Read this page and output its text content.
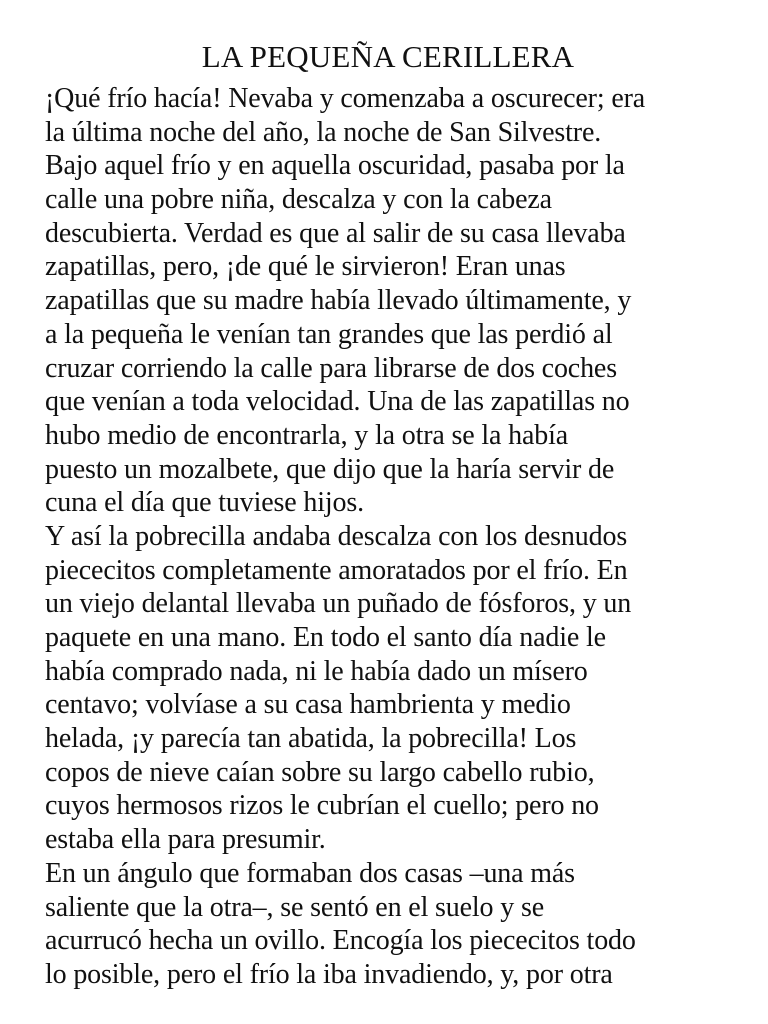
LA PEQUEÑA CERILLERA
¡Qué frío hacía! Nevaba y comenzaba a oscurecer; era
la última noche del año, la noche de San Silvestre.
Bajo aquel frío y en aquella oscuridad, pasaba por la
calle una pobre niña, descalza y con la cabeza
descubierta. Verdad es que al salir de su casa llevaba
zapatillas, pero, ¡de qué le sirvieron! Eran unas
zapatillas que su madre había llevado últimamente, y
a la pequeña le venían tan grandes que las perdió al
cruzar corriendo la calle para librarse de dos coches
que venían a toda velocidad. Una de las zapatillas no
hubo medio de encontrarla, y la otra se la había
puesto un mozalbete, que dijo que la haría servir de
cuna el día que tuviese hijos.
Y así la pobrecilla andaba descalza con los desnudos
piececitos completamente amoratados por el frío. En
un viejo delantal llevaba un puñado de fósforos, y un
paquete en una mano. En todo el santo día nadie le
había comprado nada, ni le había dado un mísero
centavo; volvíase a su casa hambrienta y medio
helada, ¡y parecía tan abatida, la pobrecilla! Los
copos de nieve caían sobre su largo cabello rubio,
cuyos hermosos rizos le cubrían el cuello; pero no
estaba ella para presumir.
En un ángulo que formaban dos casas –una más
saliente que la otra–, se sentó en el suelo y se
acurrucó hecha un ovillo. Encogía los piececitos todo
lo posible, pero el frío la iba invadiendo, y, por otra
